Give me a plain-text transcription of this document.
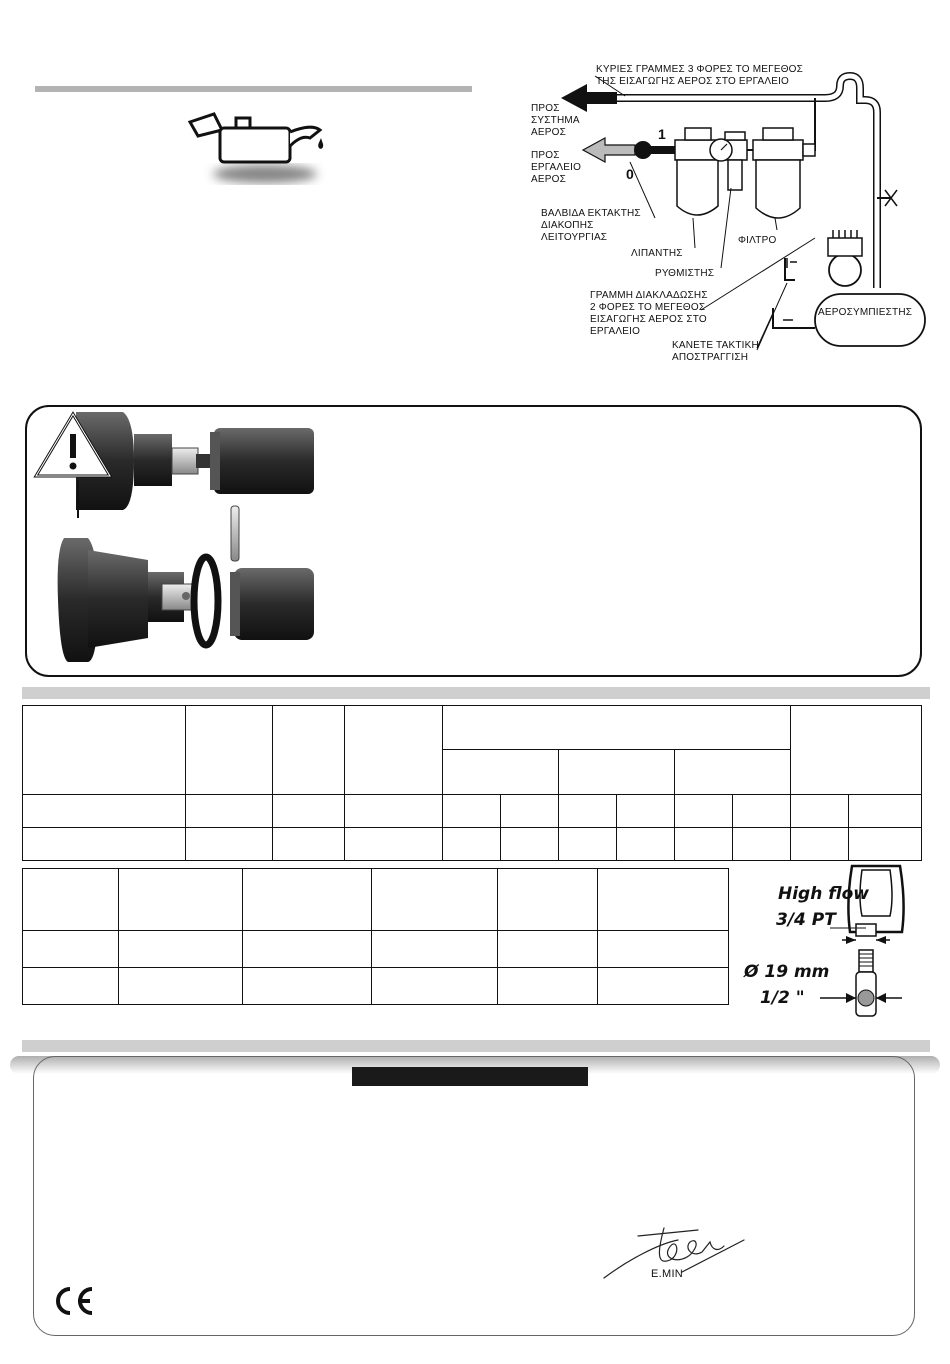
ΚΥΡΙΕΣ ΓΡΑΜΜΕΣ 3 ΦΟΡΕΣ ΤΟ ΜΕΓΕΘΟΣ
ΤΗΣ ΕΙΣΑΓΩΓΗΣ ΑΕΡΟΣ ΣΤΟ ΕΡΓΑΛΕΙΟ
ΠΡΟΣ
ΣΥΣΤΗΜΑ
ΑΕΡΟΣ
ΠΡΟΣ
ΕΡΓΑΛΕΙΟ
ΑΕΡΟΣ
1
0
ΒΑΛΒΙΔΑ ΕΚΤΑΚΤΗΣ
ΔΙΑΚΟΠΗΣ
ΛΕΙΤΟΥΡΓΙΑΣ
ΛΙΠΑΝΤΗΣ
ΦΙΛΤΡΟ
ΡΥΘΜΙΣΤΗΣ
ΓΡΑΜΜΗ ΔΙΑΚΛΑΔΩΣΗΣ
2 ΦΟΡΕΣ ΤΟ ΜΕΓΕΘΟΣ
ΕΙΣΑΓΩΓΗΣ ΑΕΡΟΣ ΣΤΟ
ΕΡΓΑΛΕΙΟ
ΑΕΡΟΣΥΜΠΙΕΣΤΗΣ
ΚΑΝΕΤΕ ΤΑΚΤΙΚΗ
ΑΠΟΣΤΡΑΓΓΙΣΗ

High flow
3/4 PT
Ø 19 mm
1/2 "
E.MIN
